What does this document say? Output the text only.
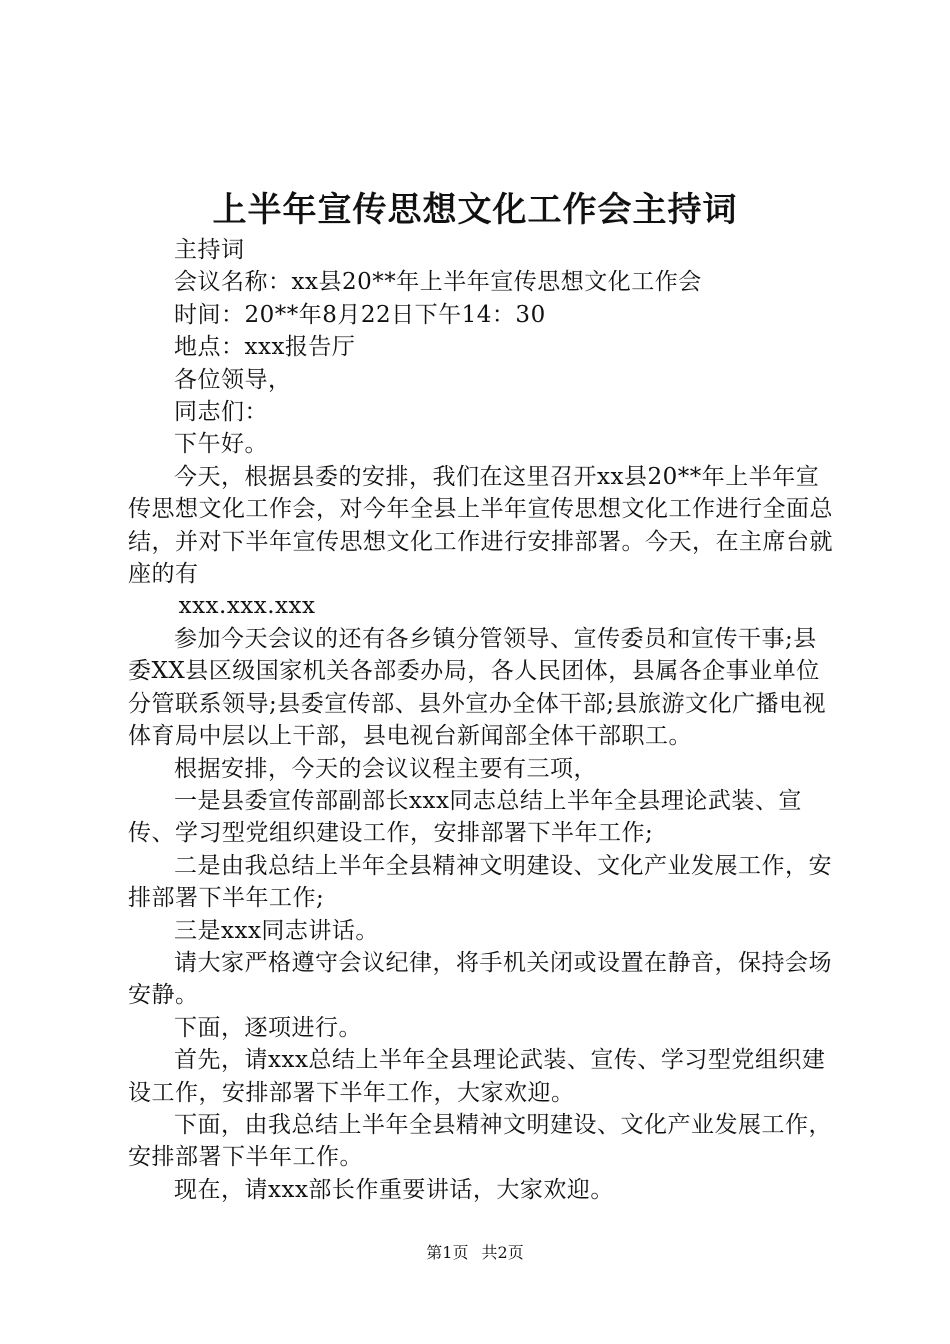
上半年宣传思想文化工作会主持词

主持词

会议名称：xx县20**年上半年宣传思想文化工作会

时间：20**年8月22日下午14：30

地点：xxx报告厅

各位领导，

同志们：

下午好。

今天，根据县委的安排，我们在这里召开xx县20**年上半年宣传思想文化工作会，对今年全县上半年宣传思想文化工作进行全面总结，并对下半年宣传思想文化工作进行安排部署。今天，在主席台就座的有

xxx.xxx.xxx

参加今天会议的还有各乡镇分管领导、宣传委员和宣传干事;县委XX县区级国家机关各部委办局，各人民团体，县属各企事业单位分管联系领导;县委宣传部、县外宣办全体干部;县旅游文化广播电视体育局中层以上干部，县电视台新闻部全体干部职工。

根据安排，今天的会议议程主要有三项，

一是县委宣传部副部长xxx同志总结上半年全县理论武装、宣传、学习型党组织建设工作，安排部署下半年工作;

二是由我总结上半年全县精神文明建设、文化产业发展工作，安排部署下半年工作;

三是xxx同志讲话。

请大家严格遵守会议纪律，将手机关闭或设置在静音，保持会场安静。

下面，逐项进行。

首先，请xxx总结上半年全县理论武装、宣传、学习型党组织建设工作，安排部署下半年工作，大家欢迎。

下面，由我总结上半年全县精神文明建设、文化产业发展工作，安排部署下半年工作。

现在，请xxx部长作重要讲话，大家欢迎。

第1页 共2页
